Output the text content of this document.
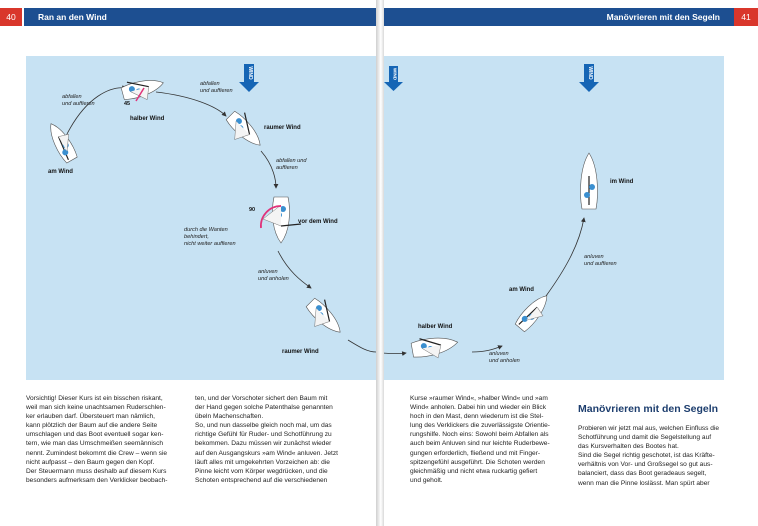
40	Ran an den Wind
WIND
am Wind
halber Wind
raumer Wind
vor dem Wind
raumer Wind
45
90
abfallen
und auffieren
abfallen
und auffieren
abfallen und
auffieren
durch die Wanten
behindert,
nicht weiter auffieren
anluven
und anholen

Vorsichtig! Dieser Kurs ist ein bisschen riskant,

weil man sich keine unachtsamen Ruderschlen-

ker erlauben darf. Übersteuert man nämlich,

kann plötzlich der Baum auf die andere Seite

umschlagen und das Boot eventuell sogar ken-

tern, wie man das Umschmeißen seemännisch

nennt. Zumindest bekommt die Crew – wenn sie

nicht aufpasst – den Baum gegen den Kopf.

Der Steuermann muss deshalb auf diesem Kurs

besonders aufmerksam den Verklicker beobach-

ten, und der Vorschoter sichert den Baum mit

der Hand gegen solche Patenthalse genannten

übeln Machenschaften.

So, und nun dasselbe gleich noch mal, um das

richtige Gefühl für Ruder- und Schotführung zu

bekommen. Dazu müssen wir zunächst wieder

auf den Ausgangskurs »am Wind« anluven. Jetzt

läuft alles mit umgekehrten Vorzeichen ab: die

Pinne leicht vom Körper wegdrücken, und die

Schoten entsprechend auf die verschiedenen

Manövrieren mit den Segeln	41
WIND	WIND
halber Wind
am Wind
im Wind
anluven
und anholen
anluven
und auffieren

Kurse »raumer Wind«, »halber Wind« und »am

Wind« anholen. Dabei hin und wieder ein Blick

hoch in den Mast, denn wiederum ist die Stel-

lung des Verklickers die zuverlässigste Orientie-

rungshilfe. Noch eins: Sowohl beim Abfallen als

auch beim Anluven sind nur leichte Ruderbewe-

gungen erforderlich, fließend und mit Finger-

spitzengefühl ausgeführt. Die Schoten werden

gleichmäßig und nicht etwa ruckartig gefiert

und geholt.

Manövrieren mit den Segeln

Probieren wir jetzt mal aus, welchen Einfluss die

Schotführung und damit die Segelstellung auf

das Kursverhalten des Bootes hat.

Sind die Segel richtig geschotet, ist das Kräfte-

verhältnis von Vor- und Großsegel so gut aus-

balanciert, dass das Boot geradeaus segelt,

wenn man die Pinne loslässt. Man spürt aber
